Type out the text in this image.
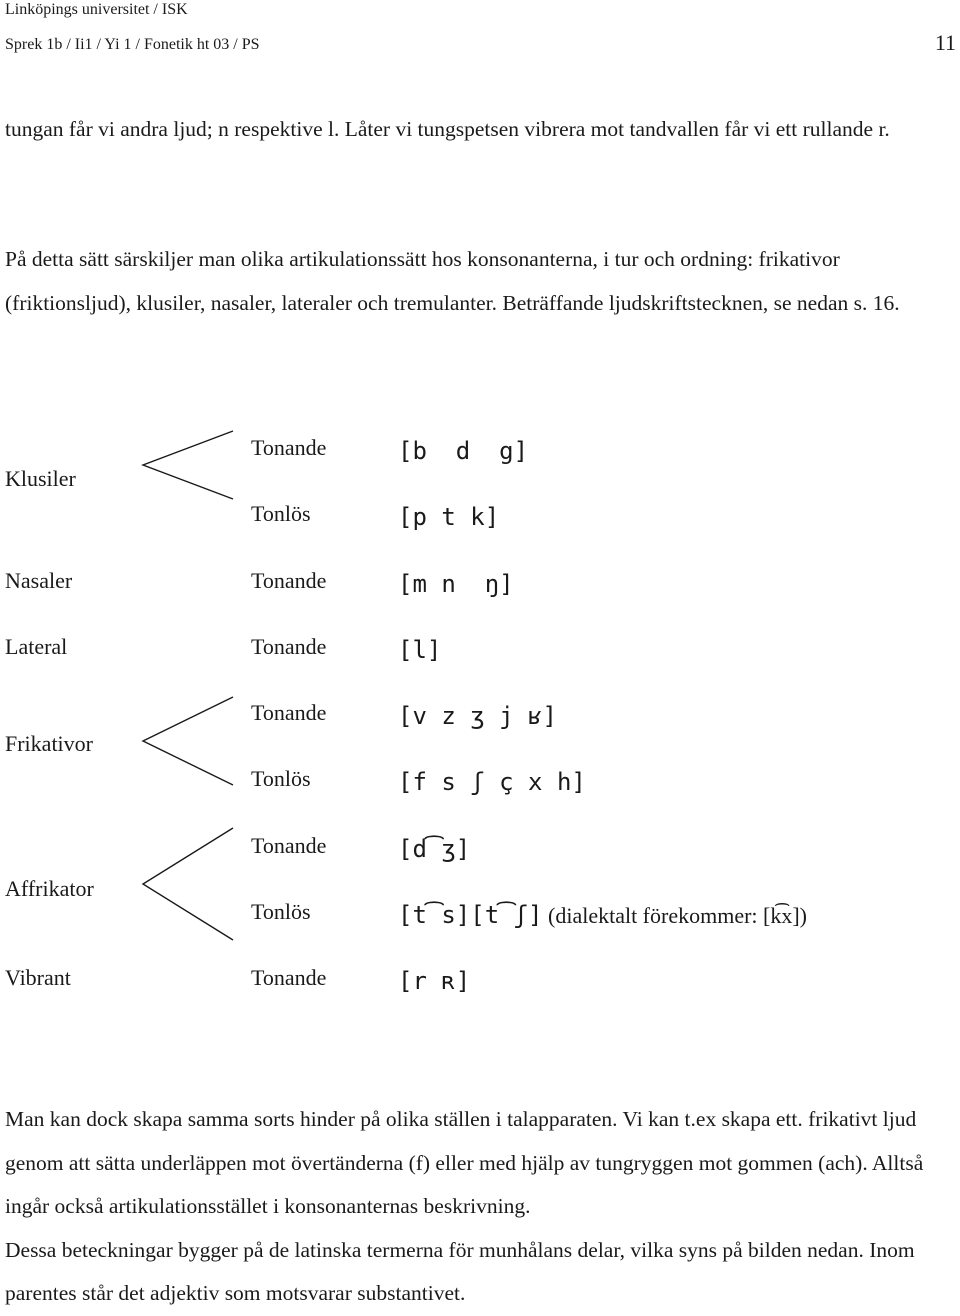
Linköpings universitet / ISK
Sprek 1b / Ii1 / Yi 1 / Fonetik ht 03 / PS	11

tungan får vi andra ljud; n respektive l. Låter vi tungspetsen vibrera mot tandvallen får vi ett rullande r.

På detta sätt särskiljer man olika artikulationssätt hos konsonanterna, i tur och ordning: frikativor (friktionsljud), klusiler, nasaler, lateraler och tremulanter. Beträffande ljudskriftstecknen, se nedan s. 16.

Klusiler
Tonande	[b  d  g]
Tonlös	[p t k]
Nasaler	Tonande	[m n  ŋ]
Lateral	Tonande	[l]
Frikativor
Tonande	[v z ʒ j ʁ]
Tonlös	[f s ʃ ç x h]
Affrikator
Tonande	[d͡ʒ]
Tonlös	[t͡s][t͡ʃ] (dialektalt förekommer: [k͡x])
Vibrant	Tonande	[r ʀ]

Man kan dock skapa samma sorts hinder på olika ställen i talapparaten. Vi kan t.ex skapa ett. frikativt ljud genom att sätta underläppen mot övertänderna (f) eller med hjälp av tungryggen mot gommen (ach). Alltså ingår också artikulationsstället i konsonanternas beskrivning.

Dessa beteckningar bygger på de latinska termerna för munhålans delar, vilka syns på bilden nedan. Inom parentes står det adjektiv som motsvarar substantivet.
